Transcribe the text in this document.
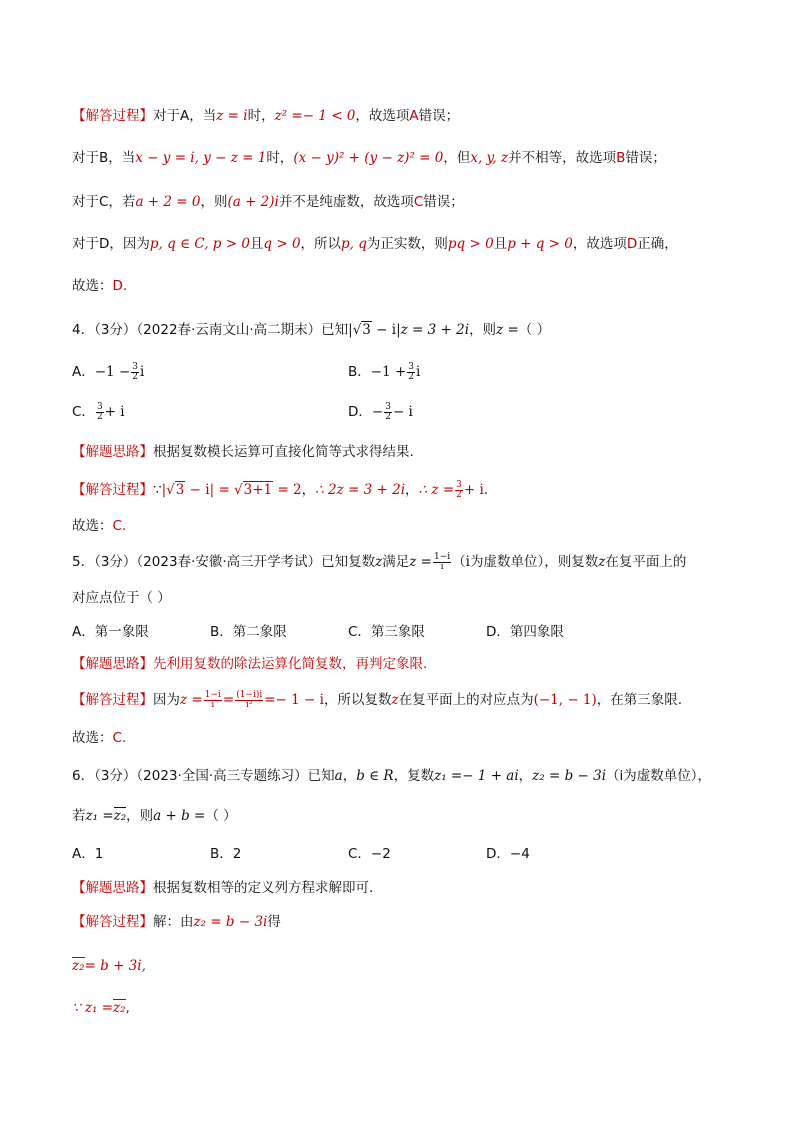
【解答过程】对于A，当z = i时，z² =− 1 < 0，故选项A错误；
对于B，当x − y = i, y − z = 1时，(x − y)² + (y − z)² = 0，但x, y, z并不相等，故选项B错误；
对于C，若a + 2 = 0，则(a + 2)i并不是纯虚数，故选项C错误；
对于D，因为p, q ∈ C, p > 0且q > 0，所以p, q为正实数，则pq > 0且p + q > 0，故选项D正确，
故选：D.
4．（3分）（2022春·云南文山·高二期末）已知|√3 − i|z = 3 + 2i，则z =（ ）
A．$-1 - \frac{3}{2}$ i	B．$-1 + \frac{3}{2}$ i
C． $\frac{3}{2} + i$	D．− $\frac{3}{2} - i$
【解题思路】根据复数模长运算可直接化简等式求得结果.
【解答过程】∵|√3 − i| = √3+1 = 2，∴ 2z = 3 + 2i，∴ $z = \frac{3}{2} + i$.
故选：C.
5．（3分）（2023春·安徽·高三开学考试）已知复数z满足$z = \frac{1-i}{i} (i$为虚数单位），则复数z在复平面上的
对应点位于（ ）
A．第一象限	B．第二象限	C．第三象限	D．第四象限
【解题思路】先利用复数的除法运算化简复数，再判定象限.
【解答过程】因为$z = \frac{1-i}{i} = \frac{(1-i)i}{\text{i²}} =- 1 - i$，所以复数z在复平面上的对应点为(−1, − 1)，在第三象限.
故选：C.
6．（3分）（2023·全国·高三专题练习）已知a，b ∈ R，复数z₁ =− 1 + ai，z₂ = b − 3i（i为虚数单位），
若z₁ =z₂，则a + b =（ ）
A．1	B．2	C．−2	D．−4
【解题思路】根据复数相等的定义列方程求解即可.
【解答过程】解：由z₂ = b − 3i得
z₂= b + 3i,
∵ z₁ =z₂,
